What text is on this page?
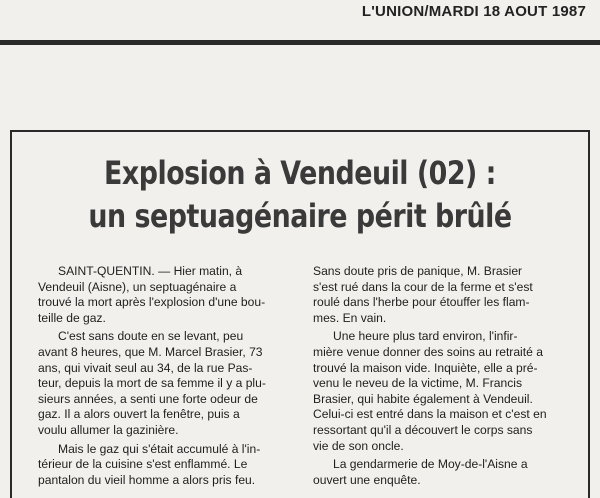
L'UNION/MARDI 18 AOUT 1987
Explosion à Vendeuil (02) :
un septuagénaire périt brûlé

SAINT-QUENTIN. — Hier matin, à
Vendeuil (Aisne), un septuagénaire a
trouvé la mort après l'explosion d'une bou-
teille de gaz.

C'est sans doute en se levant, peu
avant 8 heures, que M. Marcel Brasier, 73
ans, qui vivait seul au 34, de la rue Pas-
teur, depuis la mort de sa femme il y a plu-
sieurs années, a senti une forte odeur de
gaz. Il a alors ouvert la fenêtre, puis a
voulu allumer la gazinière.

Mais le gaz qui s'était accumulé à l'in-
térieur de la cuisine s'est enflammé. Le
pantalon du vieil homme a alors pris feu.

Sans doute pris de panique, M. Brasier
s'est rué dans la cour de la ferme et s'est
roulé dans l'herbe pour étouffer les flam-
mes. En vain.

Une heure plus tard environ, l'infir-
mière venue donner des soins au retraité a
trouvé la maison vide. Inquiète, elle a pré-
venu le neveu de la victime, M. Francis
Brasier, qui habite également à Vendeuil.
Celui-ci est entré dans la maison et c'est en
ressortant qu'il a découvert le corps sans
vie de son oncle.

La gendarmerie de Moy-de-l'Aisne a
ouvert une enquête.
